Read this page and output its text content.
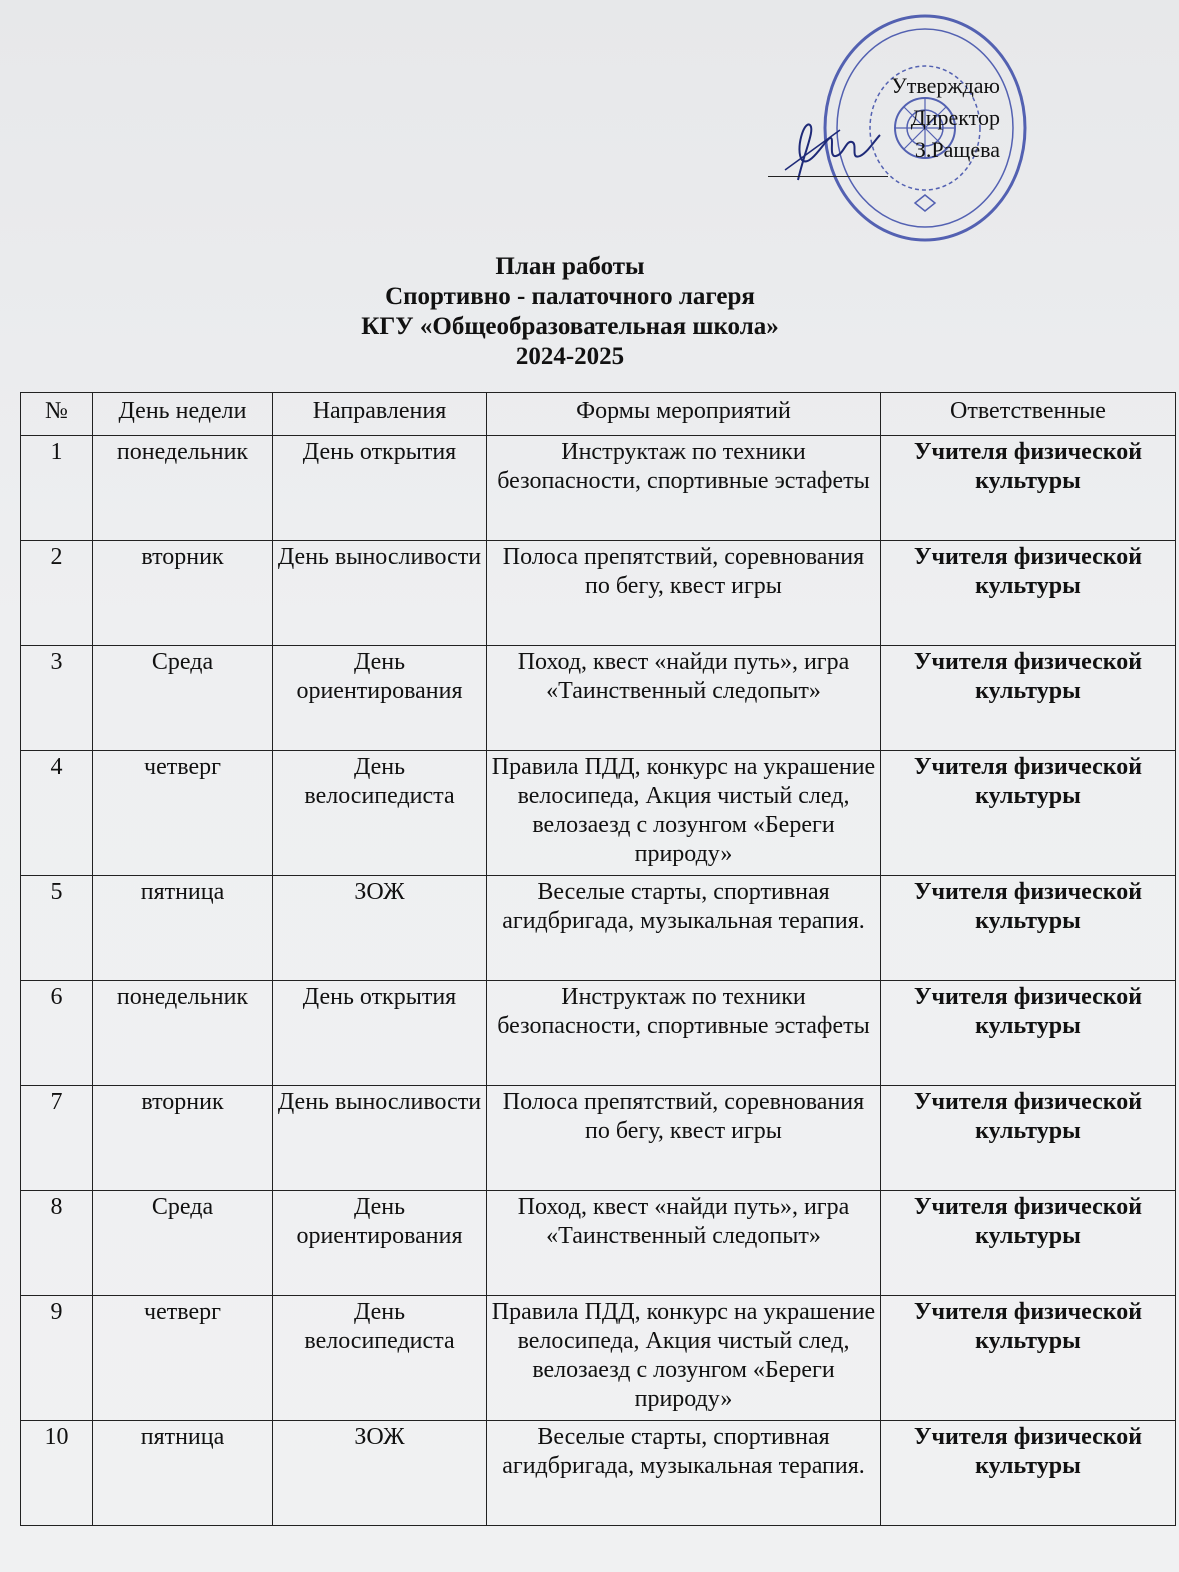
Утверждаю
Директор
З.Ращева
План работы
Спортивно - палаточного лагеря
КГУ «Общеобразовательная школа»
2024-2025
№	День недели	Направления	Формы мероприятий	Ответственные
1	понедельник	День открытия	Инструктаж по техники безопасности, спортивные эстафеты	Учителя физической культуры
2	вторник	День выносливости	Полоса препятствий, соревнования по бегу, квест игры	Учителя физической культуры
3	Среда	День ориентирования	Поход, квест «найди путь», игра «Таинственный следопыт»	Учителя физической культуры
4	четверг	День велосипедиста	Правила ПДД, конкурс на украшение велосипеда, Акция чистый след, велозаезд с лозунгом «Береги природу»	Учителя физической культуры
5	пятница	ЗОЖ	Веселые старты, спортивная агидбригада, музыкальная терапия.	Учителя физической культуры
6	понедельник	День открытия	Инструктаж по техники безопасности, спортивные эстафеты	Учителя физической культуры
7	вторник	День выносливости	Полоса препятствий, соревнования по бегу, квест игры	Учителя физической культуры
8	Среда	День ориентирования	Поход, квест «найди путь», игра «Таинственный следопыт»	Учителя физической культуры
9	четверг	День велосипедиста	Правила ПДД, конкурс на украшение велосипеда, Акция чистый след, велозаезд с лозунгом «Береги природу»	Учителя физической культуры
10	пятница	ЗОЖ	Веселые старты, спортивная агидбригада, музыкальная терапия.	Учителя физической культуры
